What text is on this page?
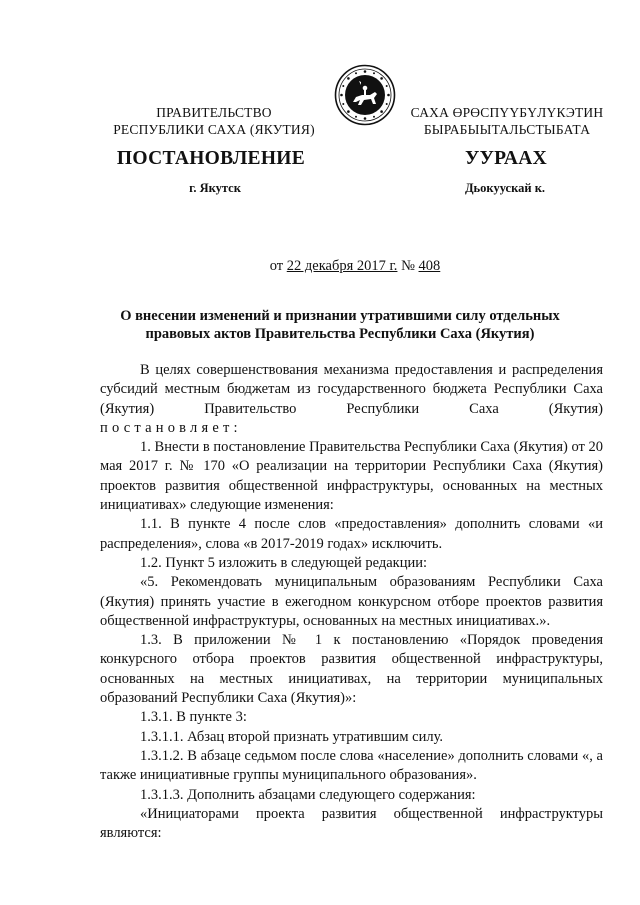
ПРАВИТЕЛЬСТВО
РЕСПУБЛИКИ САХА (ЯКУТИЯ)
САХА ӨРӨСПҮҮБҮЛҮКЭТИН
БЫРАБЫЫТАЛЬСТЫБАТА
ПОСТАНОВЛЕНИЕ	УУРААХ
г. Якутск	Дьокуускай к.
от 22 декабря 2017 г. № 408
О внесении изменений и признании утратившими силу отдельных
правовых актов Правительства Республики Саха (Якутия)

В целях совершенствования механизма предоставления и распределения субсидий местным бюджетам из государственного бюджета Республики Саха (Якутия) Правительство Республики Саха (Якутия)

постановляет:

1. Внести в постановление Правительства Республики Саха (Якутия) от 20 мая 2017 г. № 170 «О реализации на территории Республики Саха (Якутия) проектов развития общественной инфраструктуры, основанных на местных инициативах» следующие изменения:

1.1. В пункте 4 после слов «предоставления» дополнить словами «и распределения», слова «в 2017-2019 годах» исключить.

1.2. Пункт 5 изложить в следующей редакции:

«5. Рекомендовать муниципальным образованиям Республики Саха (Якутия) принять участие в ежегодном конкурсном отборе проектов развития общественной инфраструктуры, основанных на местных инициативах.».

1.3. В приложении № 1 к постановлению «Порядок проведения конкурсного отбора проектов развития общественной инфраструктуры, основанных на местных инициативах, на территории муниципальных образований Республики Саха (Якутия)»:

1.3.1. В пункте 3:

1.3.1.1. Абзац второй признать утратившим силу.

1.3.1.2. В абзаце седьмом после слова «население» дополнить словами «, а также инициативные группы муниципального образования».

1.3.1.3. Дополнить абзацами следующего содержания:

«Инициаторами проекта развития общественной инфраструктуры являются:
